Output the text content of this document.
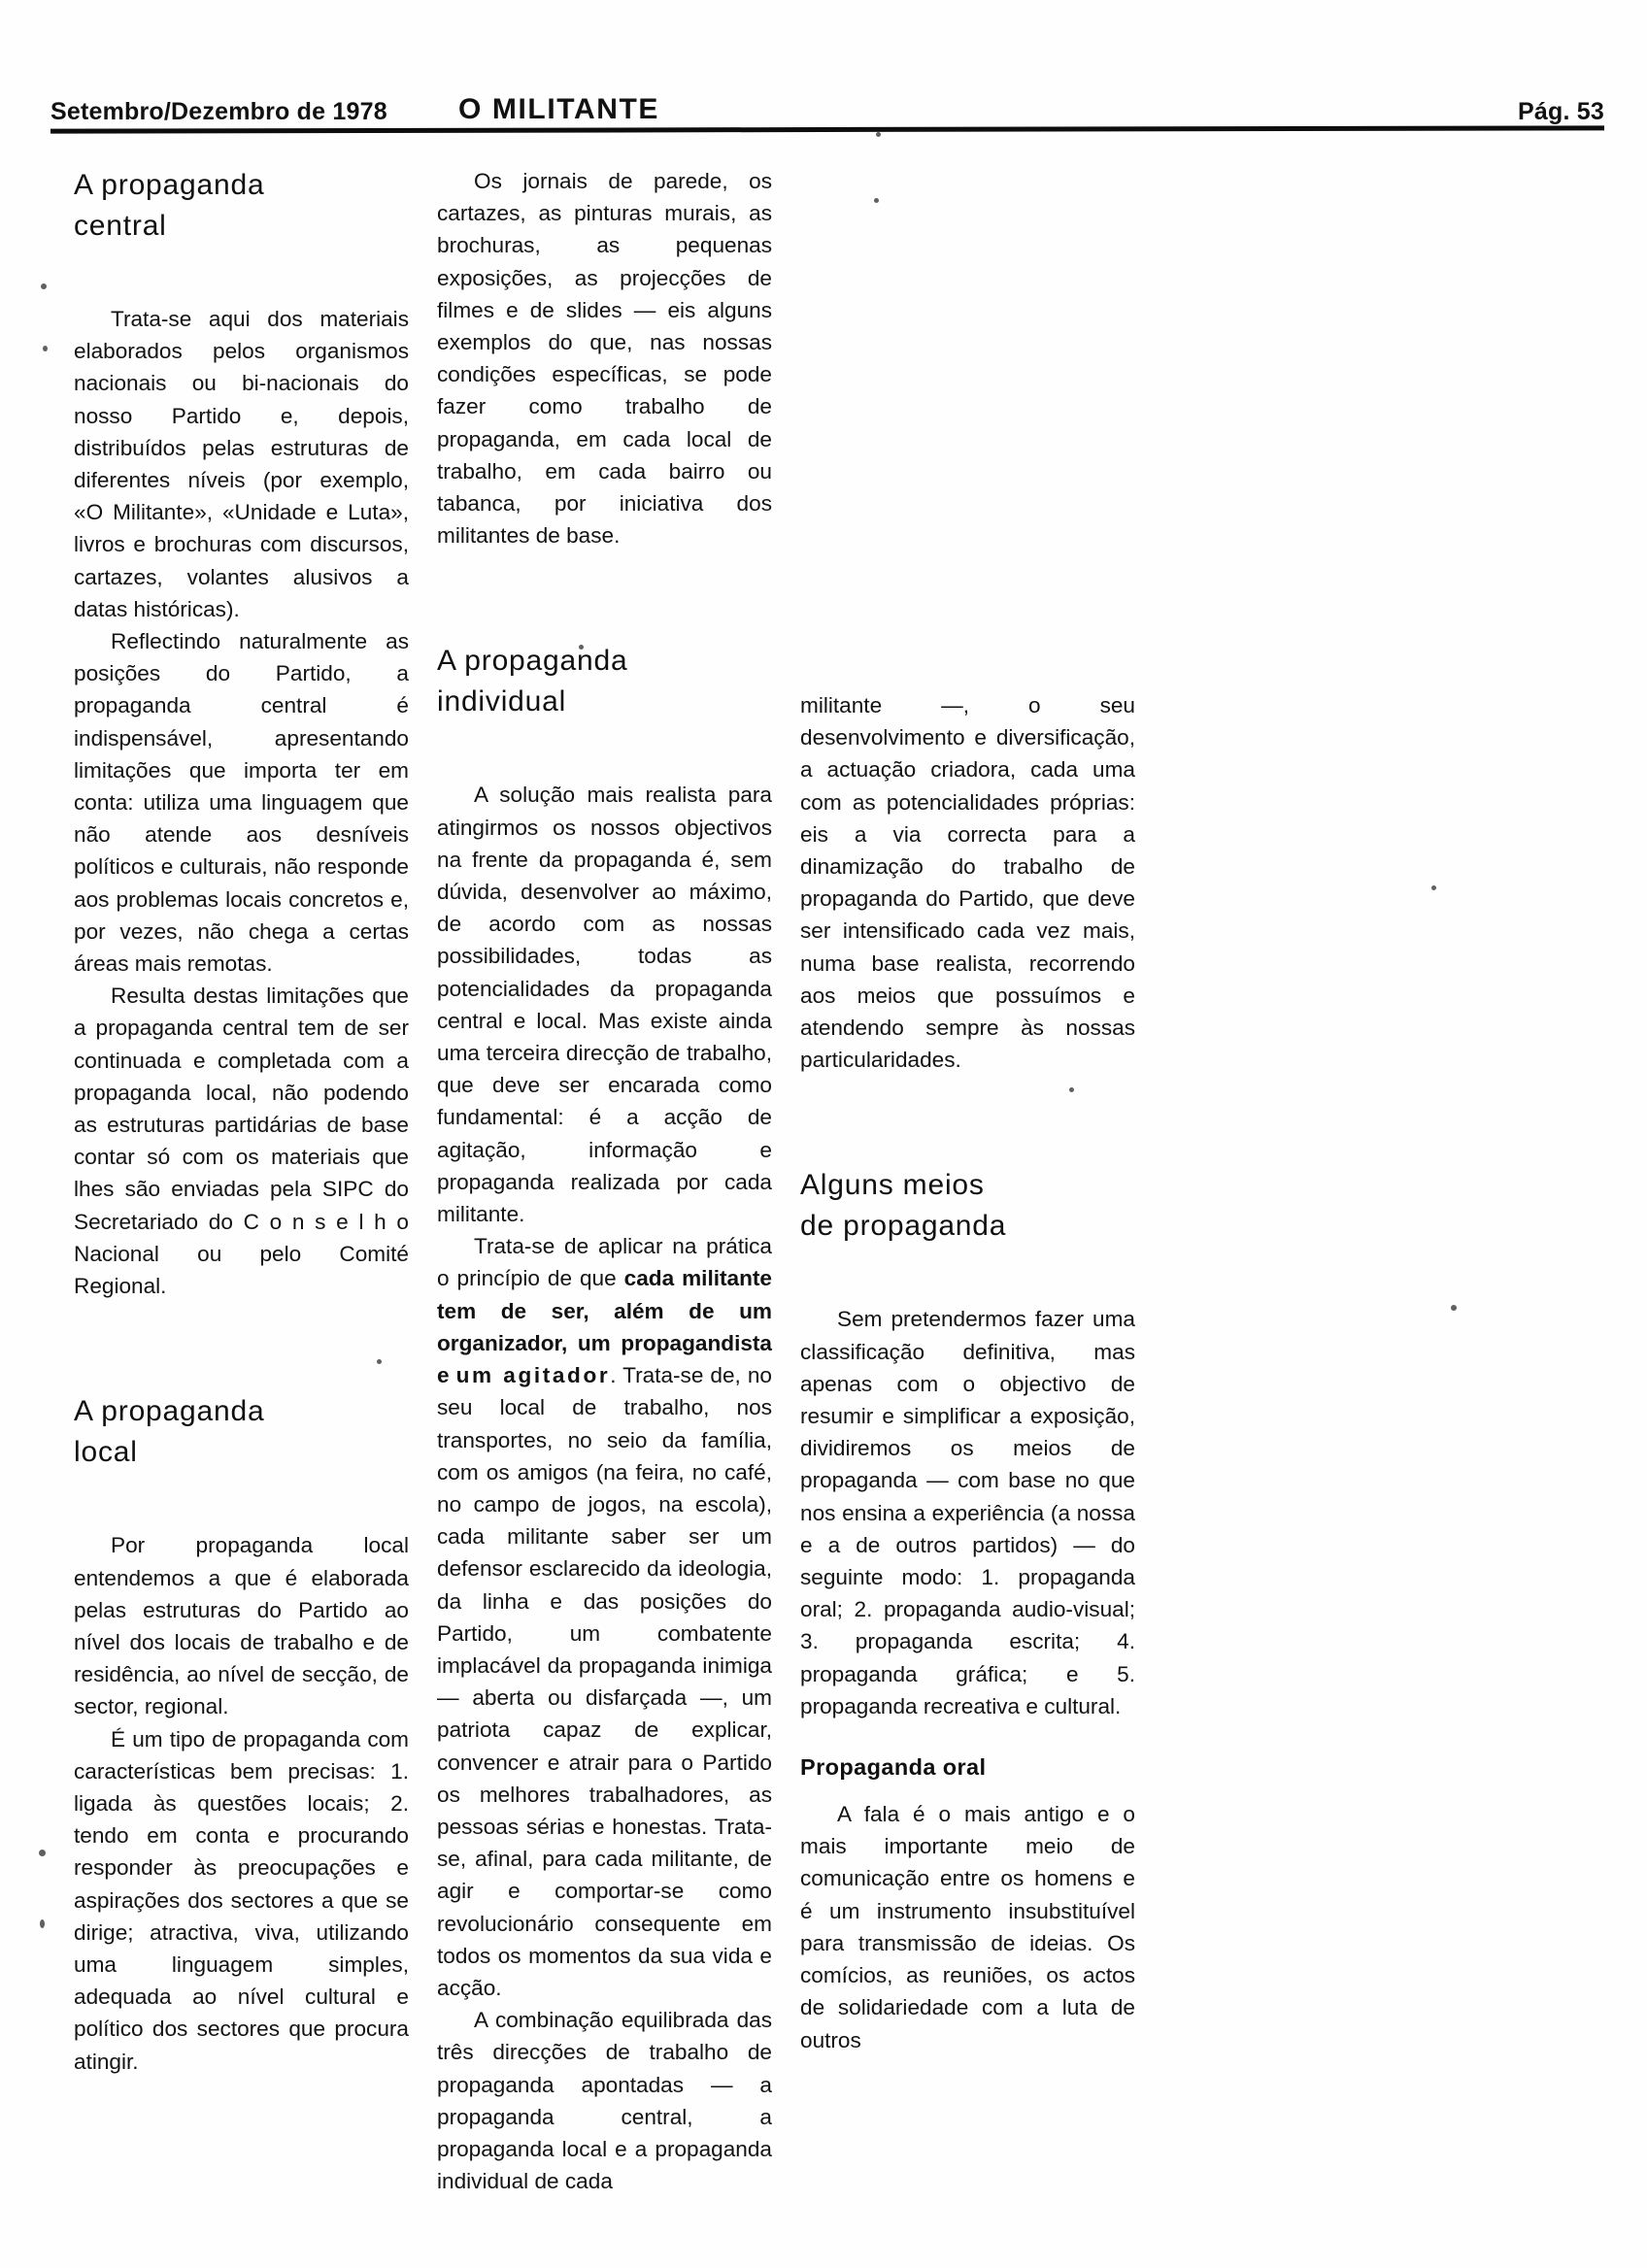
Setembro/Dezembro de 1978 O MILITANTE	Pág. 53
A propaganda
central

Trata-se aqui dos materiais elaborados pelos organismos nacionais ou bi-nacionais do nosso Partido e, depois, distribuídos pelas estruturas de diferentes níveis (por exemplo, «O Militante», «Unidade e Luta», livros e brochuras com discursos, cartazes, volantes alusivos a datas históricas).

Reflectindo naturalmente as posições do Partido, a propaganda central é indispensável, apresentando limitações que importa ter em conta: utiliza uma linguagem que não atende aos desníveis políticos e culturais, não responde aos problemas locais concretos e, por vezes, não chega a certas áreas mais remotas.

Resulta destas limitações que a propaganda central tem de ser continuada e completada com a propaganda local, não podendo as estruturas partidárias de base contar só com os materiais que lhes são enviadas pela SIPC do Secretariado do C o n s e l h o Nacional ou pelo Comité Regional.

A propaganda
local

Por propaganda local entendemos a que é elaborada pelas estruturas do Partido ao nível dos locais de trabalho e de residência, ao nível de secção, de sector, regional.

É um tipo de propaganda com características bem precisas: 1. ligada às questões locais; 2. tendo em conta e procurando responder às preocupações e aspirações dos sectores a que se dirige; atractiva, viva, utilizando uma linguagem simples, adequada ao nível cultural e político dos sectores que procura atingir.

Os jornais de parede, os cartazes, as pinturas murais, as brochuras, as pequenas exposições, as projecções de filmes e de slides — eis alguns exemplos do que, nas nossas condições específicas, se pode fazer como trabalho de propaganda, em cada local de trabalho, em cada bairro ou tabanca, por iniciativa dos militantes de base.

A propaganda
individual

A solução mais realista para atingirmos os nossos objectivos na frente da propaganda é, sem dúvida, desenvolver ao máximo, de acordo com as nossas possibilidades, todas as potencialidades da propaganda central e local. Mas existe ainda uma terceira direcção de trabalho, que deve ser encarada como fundamental: é a acção de agitação, informação e propaganda realizada por cada militante.

Trata-se de aplicar na prática o princípio de que cada militante tem de ser, além de um organizador, um propagandista e um agitador. Trata-se de, no seu local de trabalho, nos transportes, no seio da família, com os amigos (na feira, no café, no campo de jogos, na escola), cada militante saber ser um defensor esclarecido da ideologia, da linha e das posições do Partido, um combatente implacável da propaganda inimiga — aberta ou disfarçada —, um patriota capaz de explicar, convencer e atrair para o Partido os melhores trabalhadores, as pessoas sérias e honestas. Trata-se, afinal, para cada militante, de agir e comportar-se como revolucionário consequente em todos os momentos da sua vida e acção.

A combinação equilibrada das três direcções de trabalho de propaganda apontadas — a propaganda central, a propaganda local e a propaganda individual de cada

militante —, o seu desenvolvimento e diversificação, a actuação criadora, cada uma com as potencialidades próprias: eis a via correcta para a dinamização do trabalho de propaganda do Partido, que deve ser intensificado cada vez mais, numa base realista, recorrendo aos meios que possuímos e atendendo sempre às nossas particularidades.

Alguns meios
de propaganda

Sem pretendermos fazer uma classificação definitiva, mas apenas com o objectivo de resumir e simplificar a exposição, dividiremos os meios de propaganda — com base no que nos ensina a experiência (a nossa e a de outros partidos) — do seguinte modo: 1. propaganda oral; 2. propaganda audio-visual; 3. propaganda escrita; 4. propaganda gráfica; e 5. propaganda recreativa e cultural.

Propaganda oral

A fala é o mais antigo e o mais importante meio de comunicação entre os homens e é um instrumento insubstituível para transmissão de ideias. Os comícios, as reuniões, os actos de solidariedade com a luta de outros
